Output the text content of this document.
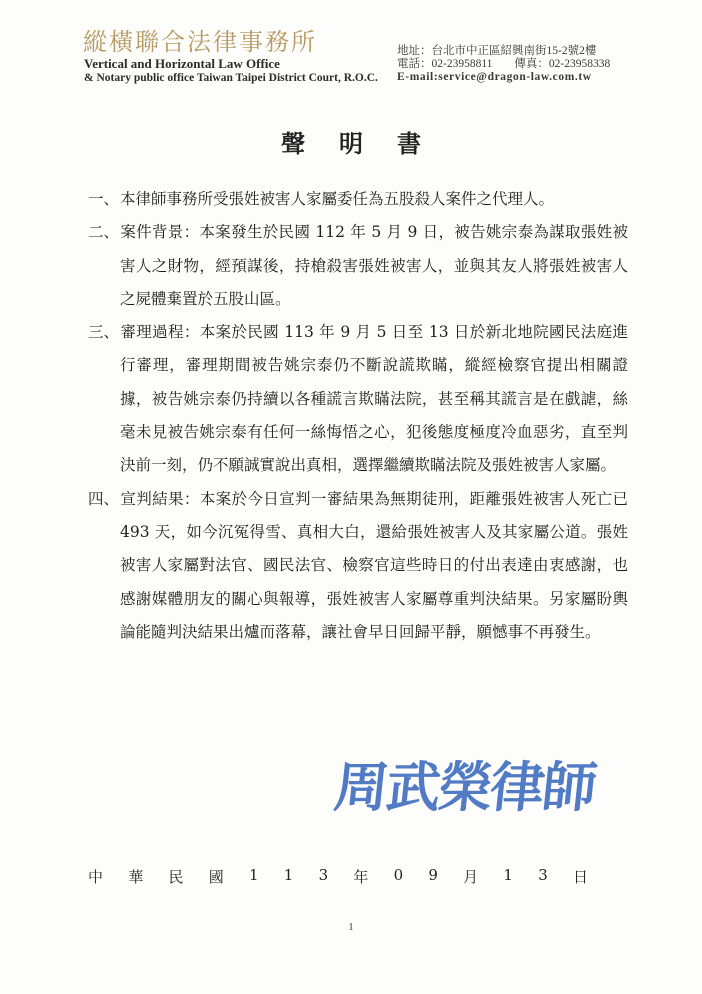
縱橫聯合法律事務所
Vertical and Horizontal Law Office
& Notary public office Taiwan Taipei District Court, R.O.C.
地址：台北市中正區紹興南街15-2號2樓
電話：02-23958811 傳真：02-23958338
E-mail:service@dragon-law.com.tw
聲 明 書

一、本律師事務所受張姓被害人家屬委任為五股殺人案件之代理人。

二、案件背景：本案發生於民國 112 年 5 月 9 日，被告姚宗泰為謀取張姓被害人之財物，經預謀後，持槍殺害張姓被害人，並與其友人將張姓被害人之屍體棄置於五股山區。

三、審理過程：本案於民國 113 年 9 月 5 日至 13 日於新北地院國民法庭進行審理，審理期間被告姚宗泰仍不斷說謊欺瞞，縱經檢察官提出相關證據，被告姚宗泰仍持續以各種謊言欺瞞法院，甚至稱其謊言是在戲謔，絲毫未見被告姚宗泰有任何一絲悔悟之心，犯後態度極度冷血惡劣，直至判決前一刻，仍不願誠實說出真相，選擇繼續欺瞞法院及張姓被害人家屬。

四、宣判結果：本案於今日宣判一審結果為無期徒刑，距離張姓被害人死亡已 493 天，如今沉冤得雪、真相大白，還給張姓被害人及其家屬公道。張姓被害人家屬對法官、國民法官、檢察官這些時日的付出表達由衷感謝，也感謝媒體朋友的關心與報導，張姓被害人家屬尊重判決結果。另家屬盼輿論能隨判決結果出爐而落幕，讓社會早日回歸平靜，願憾事不再發生。

周武榮律師
中 華 民 國 1 1 3 年 0 9 月 1 3 日
1
